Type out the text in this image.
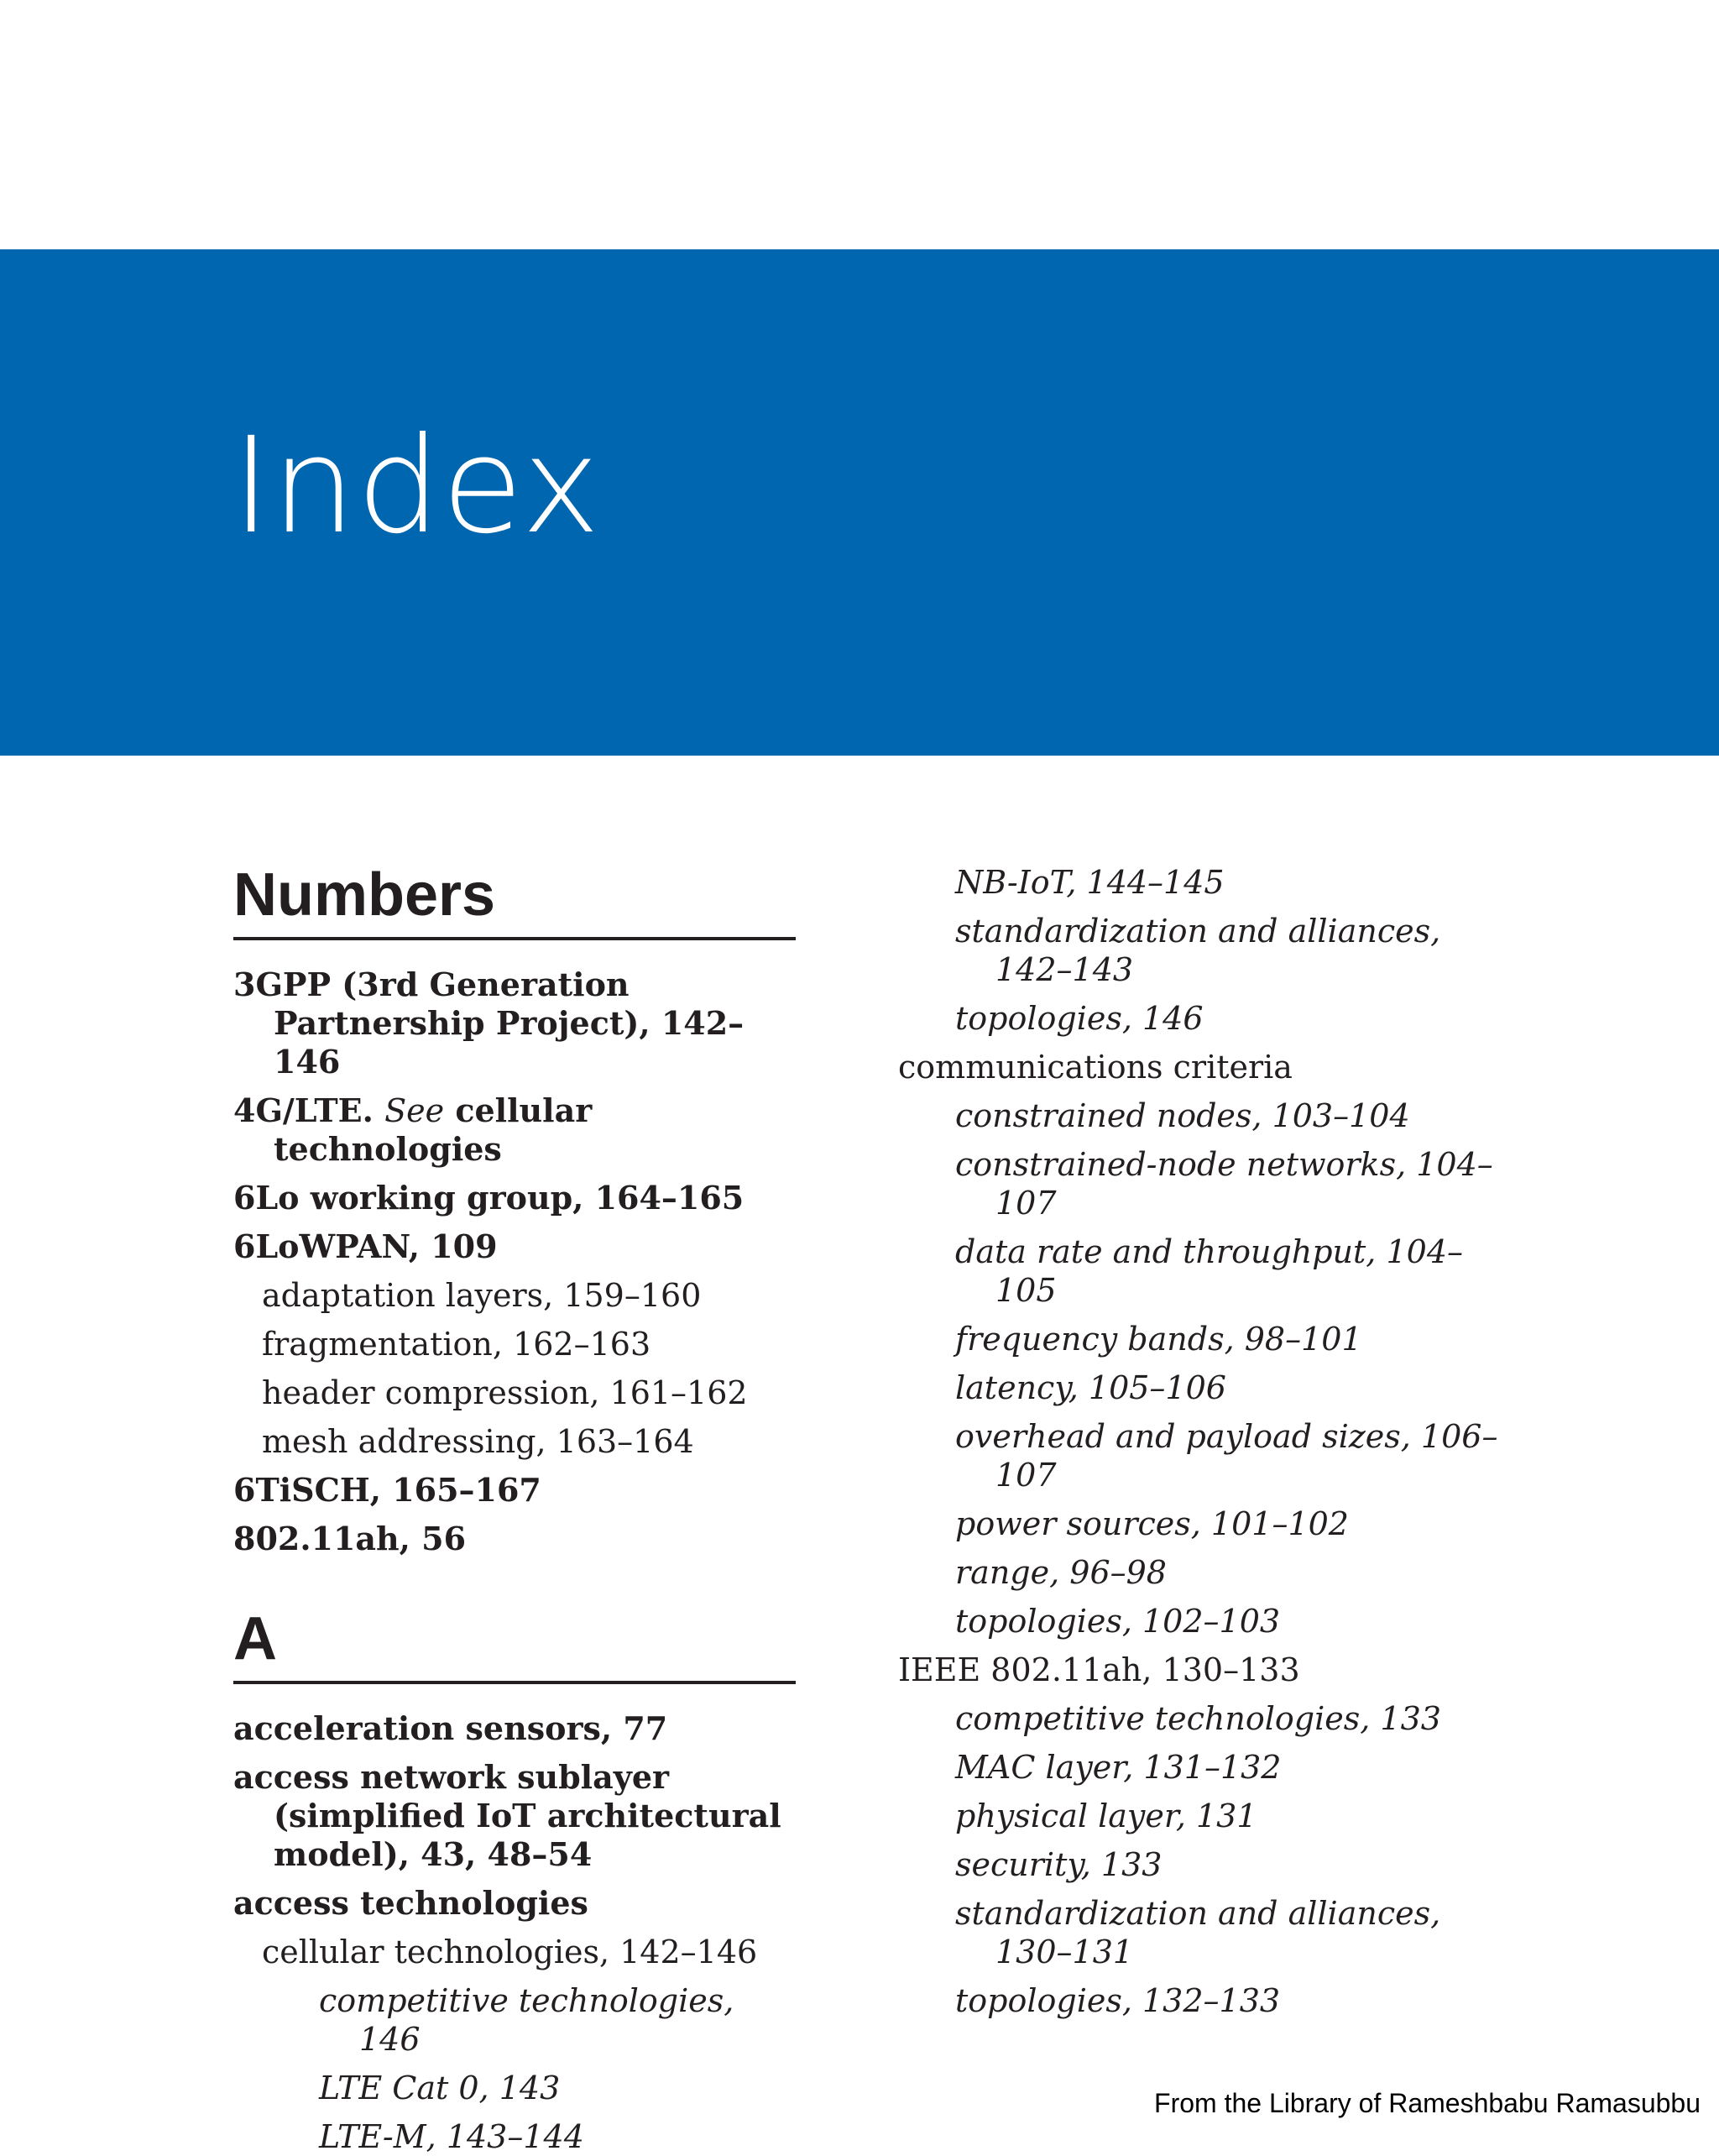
Index
Numbers
3GPP (3rd Generation Partnership Project), 142–146
4G/LTE. See cellular technologies
6Lo working group, 164–165
6LoWPAN, 109
adaptation layers, 159–160
fragmentation, 162–163
header compression, 161–162
mesh addressing, 163–164
6TiSCH, 165–167
802.11ah, 56
A
acceleration sensors, 77
access network sublayer (simplified IoT architectural model), 43, 48–54
access technologies
cellular technologies, 142–146
competitive technologies, 146
LTE Cat 0, 143
LTE-M, 143–144
NB-IoT, 144–145
standardization and alliances, 142–143
topologies, 146
communications criteria
constrained nodes, 103–104
constrained-node networks, 104–107
data rate and throughput, 104–105
frequency bands, 98–101
latency, 105–106
overhead and payload sizes, 106–107
power sources, 101–102
range, 96–98
topologies, 102–103
IEEE 802.11ah, 130–133
competitive technologies, 133
MAC layer, 131–132
physical layer, 131
security, 133
standardization and alliances, 130–131
topologies, 132–133
From the Library of Rameshbabu Ramasubbu
